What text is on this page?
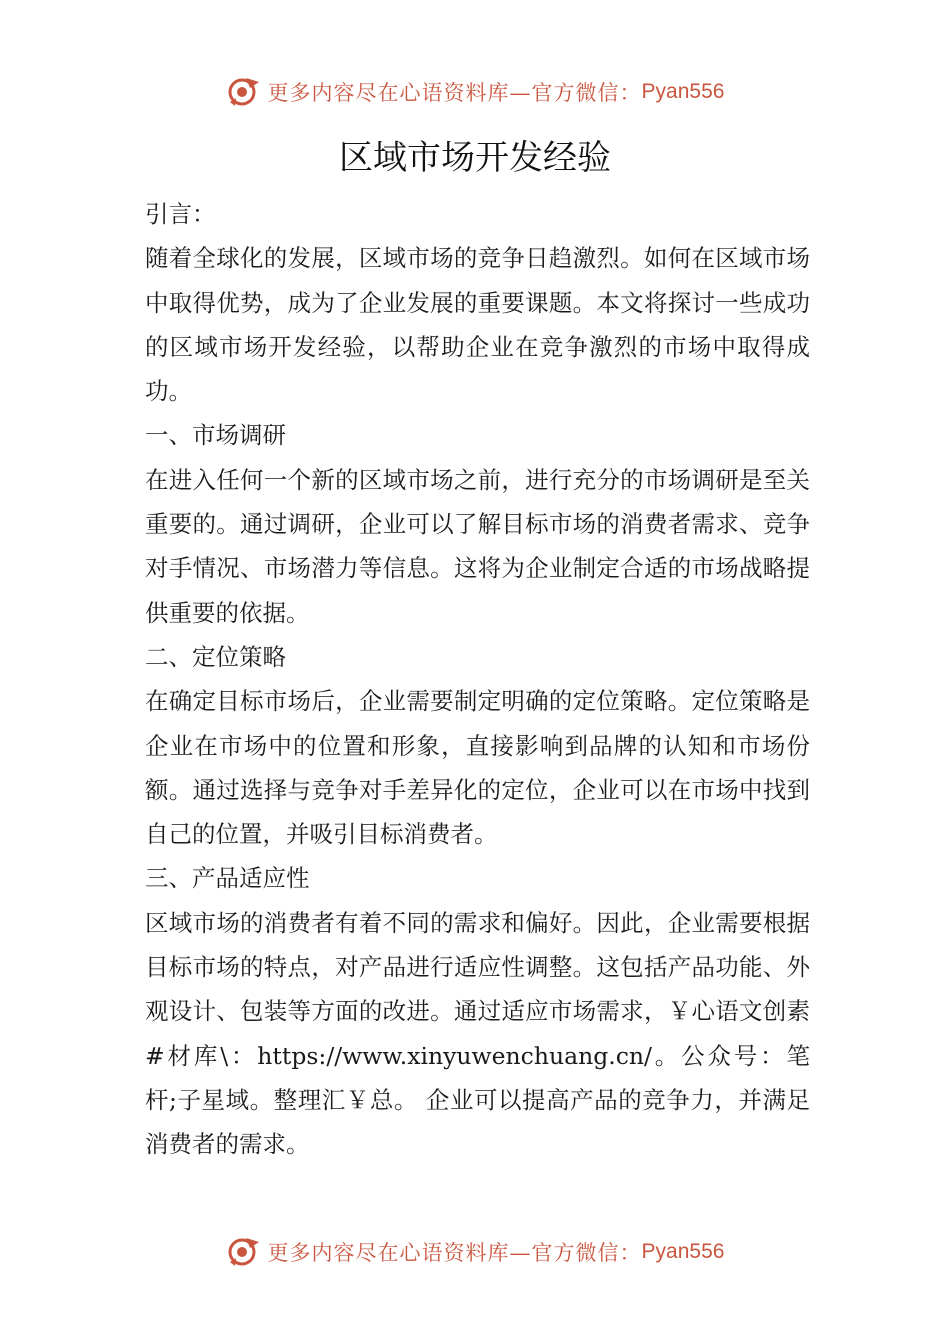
更多内容尽在心语资料库—官方微信： Pyan556
区域市场开发经验

引言：

随着全球化的发展，区域市场的竞争日趋激烈。如何在区域市场中取得优势，成为了企业发展的重要课题。本文将探讨一些成功的区域市场开发经验，以帮助企业在竞争激烈的市场中取得成功。

一、市场调研

在进入任何一个新的区域市场之前，进行充分的市场调研是至关重要的。通过调研，企业可以了解目标市场的消费者需求、竞争对手情况、市场潜力等信息。这将为企业制定合适的市场战略提供重要的依据。

二、定位策略

在确定目标市场后，企业需要制定明确的定位策略。定位策略是企业在市场中的位置和形象，直接影响到品牌的认知和市场份额。通过选择与竞争对手差异化的定位，企业可以在市场中找到自己的位置，并吸引目标消费者。

三、产品适应性

区域市场的消费者有着不同的需求和偏好。因此，企业需要根据目标市场的特点，对产品进行适应性调整。这包括产品功能、外观设计、包装等方面的改进。通过适应市场需求，￥心语文创素#材库\：https://www.xinyuwenchuang.cn/。公众号：笔杆;子星域。整理汇￥总。 企业可以提高产品的竞争力，并满足消费者的需求。

更多内容尽在心语资料库—官方微信： Pyan556
